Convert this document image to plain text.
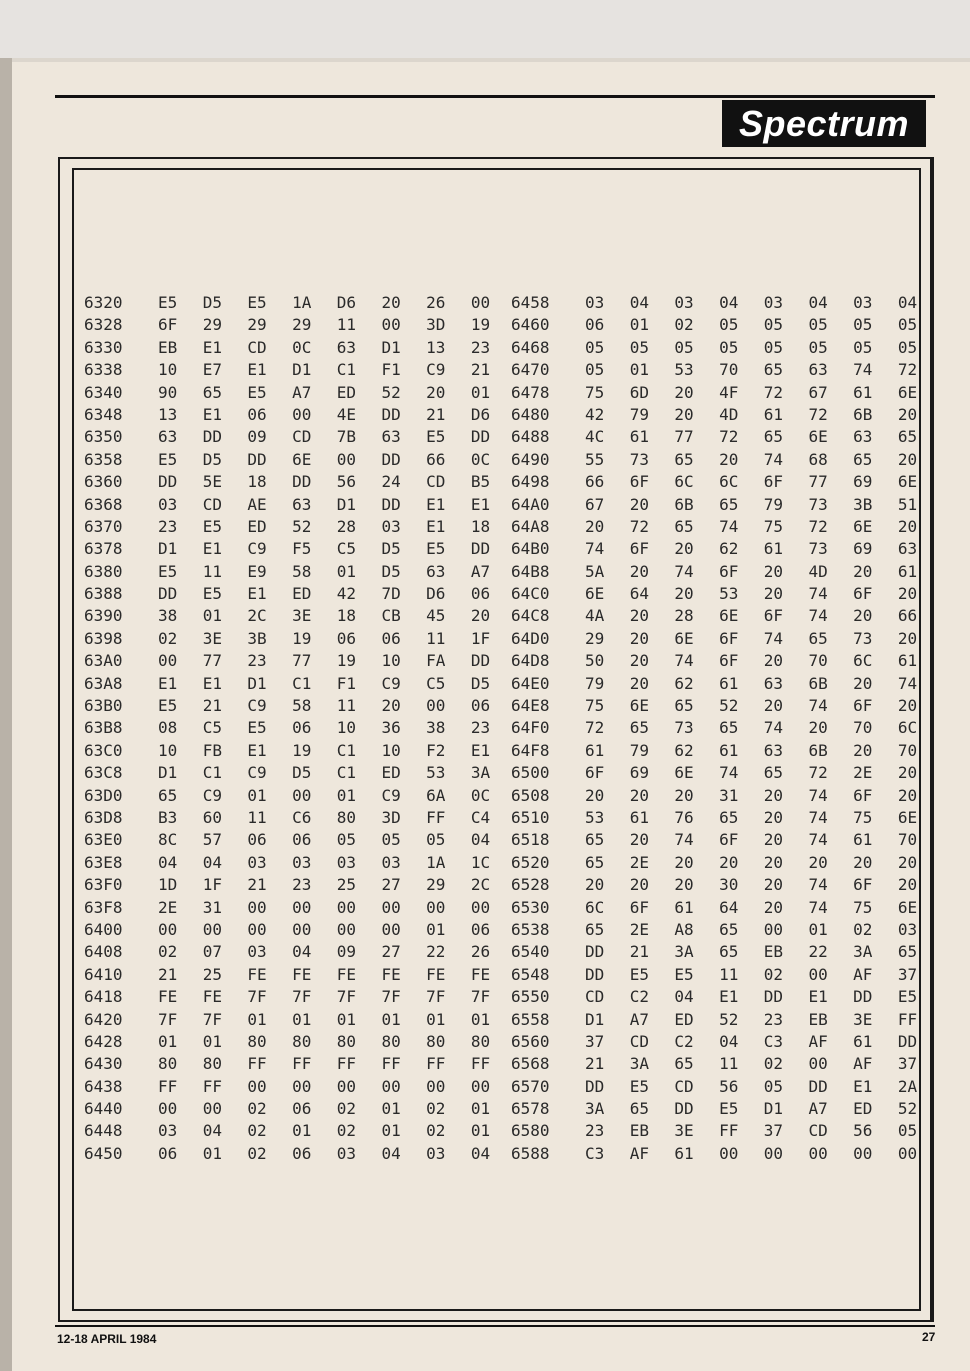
Spectrum
6320	E5	D5	E5	1A	D6	20	26	00
6328	6F	29	29	29	11	00	3D	19
6330	EB	E1	CD	0C	63	D1	13	23
6338	10	E7	E1	D1	C1	F1	C9	21
6340	90	65	E5	A7	ED	52	20	01
6348	13	E1	06	00	4E	DD	21	D6
6350	63	DD	09	CD	7B	63	E5	DD
6358	E5	D5	DD	6E	00	DD	66	0C
6360	DD	5E	18	DD	56	24	CD	B5
6368	03	CD	AE	63	D1	DD	E1	E1
6370	23	E5	ED	52	28	03	E1	18
6378	D1	E1	C9	F5	C5	D5	E5	DD
6380	E5	11	E9	58	01	D5	63	A7
6388	DD	E5	E1	ED	42	7D	D6	06
6390	38	01	2C	3E	18	CB	45	20
6398	02	3E	3B	19	06	06	11	1F
63A0	00	77	23	77	19	10	FA	DD
63A8	E1	E1	D1	C1	F1	C9	C5	D5
63B0	E5	21	C9	58	11	20	00	06
63B8	08	C5	E5	06	10	36	38	23
63C0	10	FB	E1	19	C1	10	F2	E1
63C8	D1	C1	C9	D5	C1	ED	53	3A
63D0	65	C9	01	00	01	C9	6A	0C
63D8	B3	60	11	C6	80	3D	FF	C4
63E0	8C	57	06	06	05	05	05	04
63E8	04	04	03	03	03	03	1A	1C
63F0	1D	1F	21	23	25	27	29	2C
63F8	2E	31	00	00	00	00	00	00
6400	00	00	00	00	00	00	01	06
6408	02	07	03	04	09	27	22	26
6410	21	25	FE	FE	FE	FE	FE	FE
6418	FE	FE	7F	7F	7F	7F	7F	7F
6420	7F	7F	01	01	01	01	01	01
6428	01	01	80	80	80	80	80	80
6430	80	80	FF	FF	FF	FF	FF	FF
6438	FF	FF	00	00	00	00	00	00
6440	00	00	02	06	02	01	02	01
6448	03	04	02	01	02	01	02	01
6450	06	01	02	06	03	04	03	04
6458	03	04	03	04	03	04	03	04
6460	06	01	02	05	05	05	05	05
6468	05	05	05	05	05	05	05	05
6470	05	01	53	70	65	63	74	72
6478	75	6D	20	4F	72	67	61	6E
6480	42	79	20	4D	61	72	6B	20
6488	4C	61	77	72	65	6E	63	65
6490	55	73	65	20	74	68	65	20
6498	66	6F	6C	6C	6F	77	69	6E
64A0	67	20	6B	65	79	73	3B	51
64A8	20	72	65	74	75	72	6E	20
64B0	74	6F	20	62	61	73	69	63
64B8	5A	20	74	6F	20	4D	20	61
64C0	6E	64	20	53	20	74	6F	20
64C8	4A	20	28	6E	6F	74	20	66
64D0	29	20	6E	6F	74	65	73	20
64D8	50	20	74	6F	20	70	6C	61
64E0	79	20	62	61	63	6B	20	74
64E8	75	6E	65	52	20	74	6F	20
64F0	72	65	73	65	74	20	70	6C
64F8	61	79	62	61	63	6B	20	70
6500	6F	69	6E	74	65	72	2E	20
6508	20	20	20	31	20	74	6F	20
6510	53	61	76	65	20	74	75	6E
6518	65	20	74	6F	20	74	61	70
6520	65	2E	20	20	20	20	20	20
6528	20	20	20	30	20	74	6F	20
6530	6C	6F	61	64	20	74	75	6E
6538	65	2E	A8	65	00	01	02	03
6540	DD	21	3A	65	EB	22	3A	65
6548	DD	E5	E5	11	02	00	AF	37
6550	CD	C2	04	E1	DD	E1	DD	E5
6558	D1	A7	ED	52	23	EB	3E	FF
6560	37	CD	C2	04	C3	AF	61	DD
6568	21	3A	65	11	02	00	AF	37
6570	DD	E5	CD	56	05	DD	E1	2A
6578	3A	65	DD	E5	D1	A7	ED	52
6580	23	EB	3E	FF	37	CD	56	05
6588	C3	AF	61	00	00	00	00	00
12-18 APRIL 1984	27
